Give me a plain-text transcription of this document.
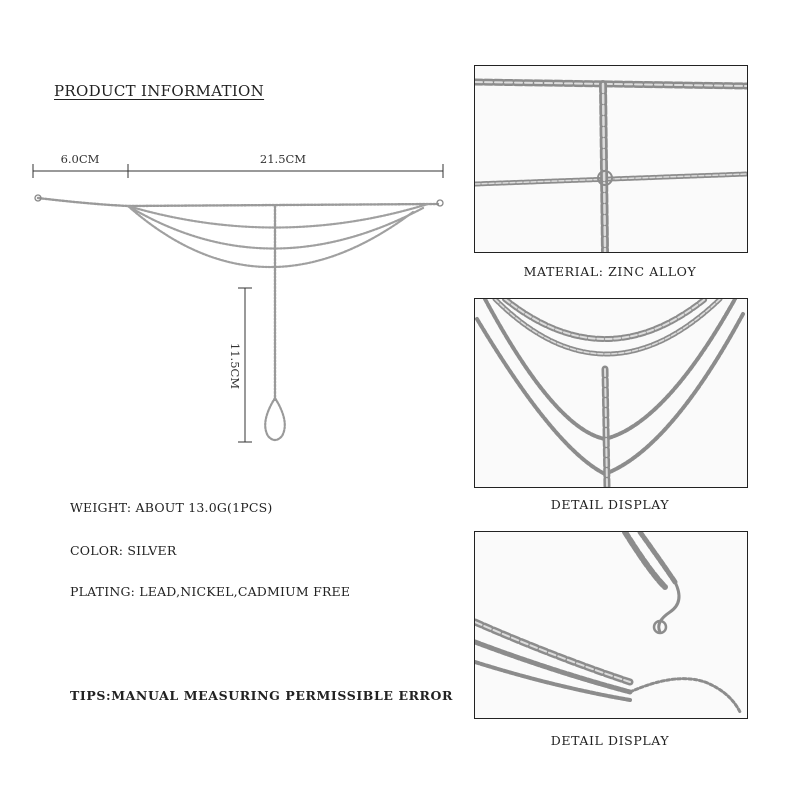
PRODUCT INFORMATION
6.0CM	21.5CM
11.5CM
WEIGHT: ABOUT 13.0G(1PCS)
COLOR: SILVER
PLATING: LEAD,NICKEL,CADMIUM FREE
TIPS:MANUAL MEASURING PERMISSIBLE ERROR
MATERIAL: ZINC ALLOY
DETAIL DISPLAY
DETAIL DISPLAY
